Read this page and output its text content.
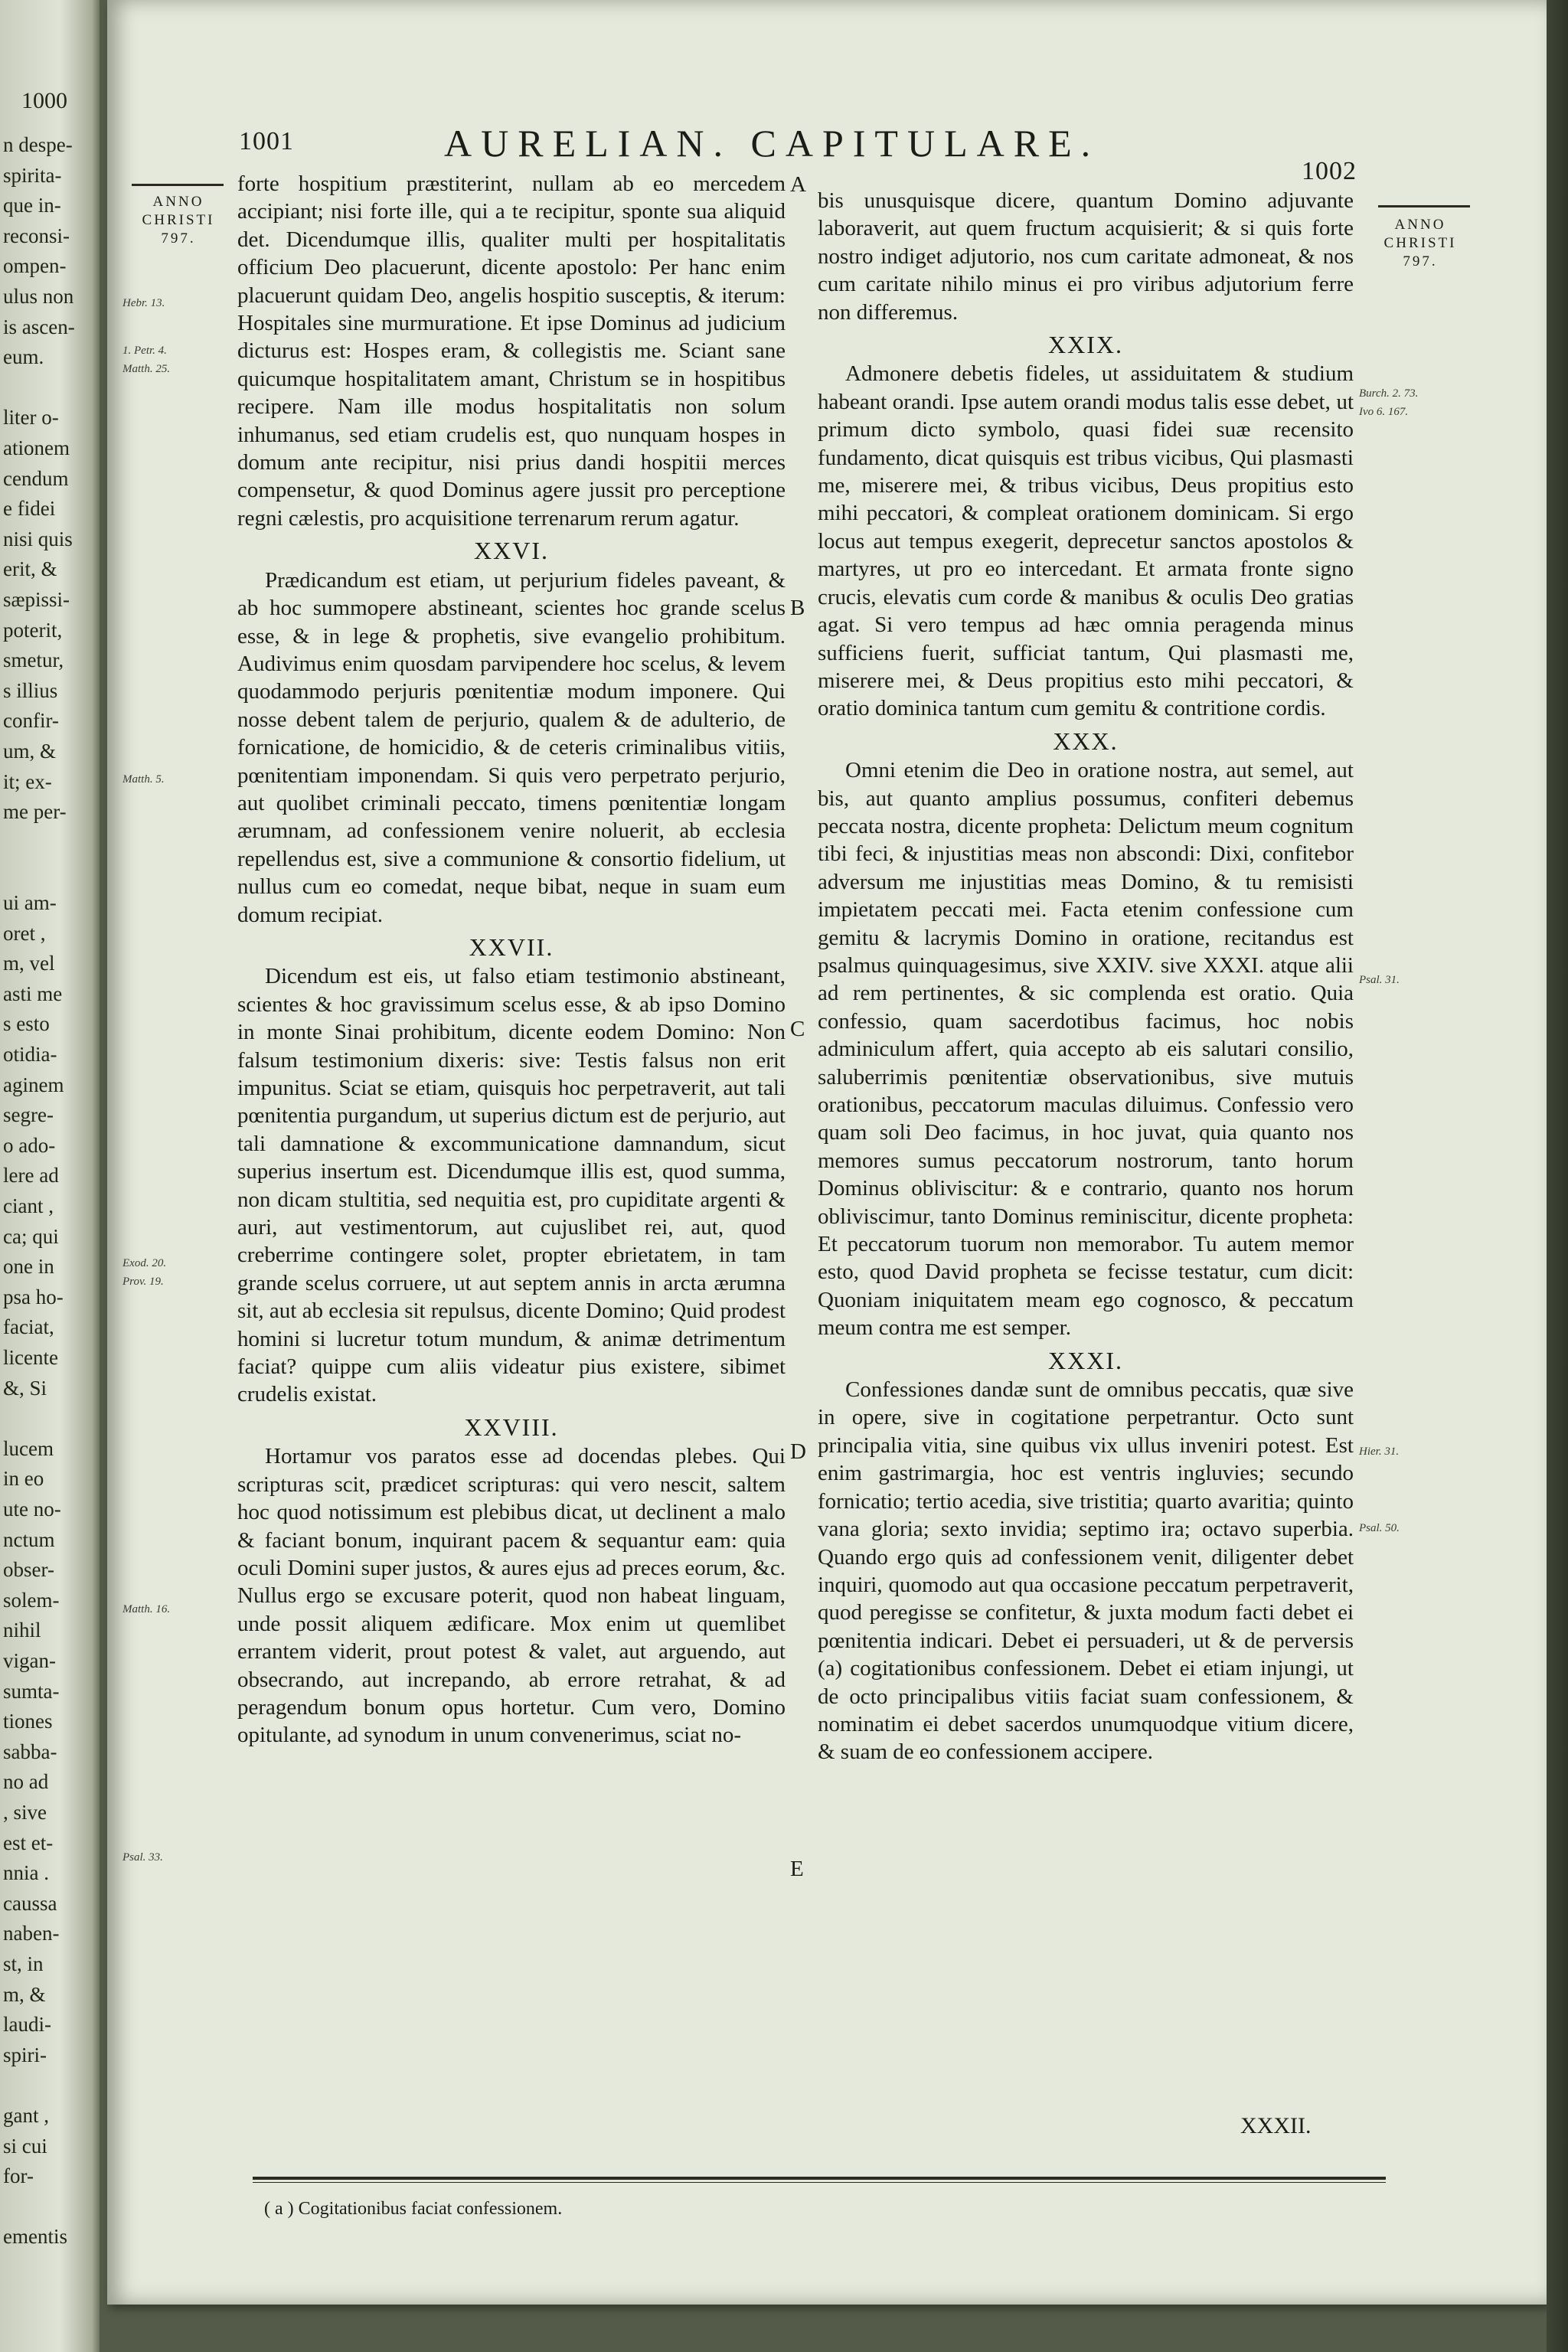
1000
n despe-
spirita-
que in-
reconsi-
ompen-
ulus non
is ascen-
eum.
liter o-
ationem
cendum
e fidei
nisi quis
erit, &
sæpissi-
poterit,
smetur,
s illius
confir-
um, &
it; ex-
me per-
ui am-
oret ,
m, vel
asti me
s esto
otidia-
aginem
segre-
o ado-
lere ad
ciant ,
ca; qui
one in
psa ho-
faciat,
licente
&, Si
lucem
in eo
ute no-
nctum
obser-
solem-
nihil
vigan-
sumta-
tiones
sabba-
no ad
, sive
est et-
nnia .
caussa
naben-
st, in
m, &
laudi-
spiri-
gant ,
si cui
for-
ementis
1001	AURELIAN. CAPITULARE.
1002
ANNO CHRISTI
797.
ANNO CHRISTI
797.
Hebr. 13.
1. Petr. 4.
Matth. 25.
Matth. 5.
Exod. 20.
Prov. 19.
Matth. 16.
Psal. 33.
Burch. 2. 73.
Ivo 6. 167.
Psal. 31.
Hier. 31.
Psal. 50.
A
B
C
D
E

forte hospitium præstiterint, nullam ab eo mercedem accipiant; nisi forte ille, qui a te recipitur, sponte sua aliquid det. Dicendumque illis, qualiter multi per hospitalitatis officium Deo placuerunt, dicente apostolo: Per hanc enim placuerunt quidam Deo, angelis hospitio susceptis, & iterum: Hospitales sine murmuratione. Et ipse Dominus ad judicium dicturus est: Hospes eram, & collegistis me. Sciant sane quicumque hospitalitatem amant, Christum se in hospitibus recipere. Nam ille modus hospitalitatis non solum inhumanus, sed etiam crudelis est, quo nunquam hospes in domum ante recipitur, nisi prius dandi hospitii merces compensetur, & quod Dominus agere jussit pro perceptione regni cælestis, pro acquisitione terrenarum rerum agatur.

XXVI.

Prædicandum est etiam, ut perjurium fideles paveant, & ab hoc summopere abstineant, scientes hoc grande scelus esse, & in lege & prophetis, sive evangelio prohibitum. Audivimus enim quosdam parvipendere hoc scelus, & levem quodammodo perjuris pœnitentiæ modum imponere. Qui nosse debent talem de perjurio, qualem & de adulterio, de fornicatione, de homicidio, & de ceteris criminalibus vitiis, pœnitentiam imponendam. Si quis vero perpetrato perjurio, aut quolibet criminali peccato, timens pœnitentiæ longam ærumnam, ad confessionem venire noluerit, ab ecclesia repellendus est, sive a communione & consortio fidelium, ut nullus cum eo comedat, neque bibat, neque in suam eum domum recipiat.

XXVII.

Dicendum est eis, ut falso etiam testimonio abstineant, scientes & hoc gravissimum scelus esse, & ab ipso Domino in monte Sinai prohibitum, dicente eodem Domino: Non falsum testimonium dixeris: sive: Testis falsus non erit impunitus. Sciat se etiam, quisquis hoc perpetraverit, aut tali pœnitentia purgandum, ut superius dictum est de perjurio, aut tali damnatione & excommunicatione damnandum, sicut superius insertum est. Dicendumque illis est, quod summa, non dicam stultitia, sed nequitia est, pro cupiditate argenti & auri, aut vestimentorum, aut cujuslibet rei, aut, quod creberrime contingere solet, propter ebrietatem, in tam grande scelus corruere, ut aut septem annis in arcta ærumna sit, aut ab ecclesia sit repulsus, dicente Domino; Quid prodest homini si lucretur totum mundum, & animæ detrimentum faciat? quippe cum aliis videatur pius existere, sibimet crudelis existat.

XXVIII.

Hortamur vos paratos esse ad docendas plebes. Qui scripturas scit, prædicet scripturas: qui vero nescit, saltem hoc quod notissimum est plebibus dicat, ut declinent a malo & faciant bonum, inquirant pacem & sequantur eam: quia oculi Domini super justos, & aures ejus ad preces eorum, &c. Nullus ergo se excusare poterit, quod non habeat linguam, unde possit aliquem ædificare. Mox enim ut quemlibet errantem viderit, prout potest & valet, aut arguendo, aut obsecrando, aut increpando, ab errore retrahat, & ad peragendum bonum opus hortetur. Cum vero, Domino opitulante, ad synodum in unum convenerimus, sciat no-

bis unusquisque dicere, quantum Domino adjuvante laboraverit, aut quem fructum acquisierit; & si quis forte nostro indiget adjutorio, nos cum caritate admoneat, & nos cum caritate nihilo minus ei pro viribus adjutorium ferre non differemus.

XXIX.

Admonere debetis fideles, ut assiduitatem & studium habeant orandi. Ipse autem orandi modus talis esse debet, ut primum dicto symbolo, quasi fidei suæ recensito fundamento, dicat quisquis est tribus vicibus, Qui plasmasti me, miserere mei, & tribus vicibus, Deus propitius esto mihi peccatori, & compleat orationem dominicam. Si ergo locus aut tempus exegerit, deprecetur sanctos apostolos & martyres, ut pro eo intercedant. Et armata fronte signo crucis, elevatis cum corde & manibus & oculis Deo gratias agat. Si vero tempus ad hæc omnia peragenda minus sufficiens fuerit, sufficiat tantum, Qui plasmasti me, miserere mei, & Deus propitius esto mihi peccatori, & oratio dominica tantum cum gemitu & contritione cordis.

XXX.

Omni etenim die Deo in oratione nostra, aut semel, aut bis, aut quanto amplius possumus, confiteri debemus peccata nostra, dicente propheta: Delictum meum cognitum tibi feci, & injustitias meas non abscondi: Dixi, confitebor adversum me injustitias meas Domino, & tu remisisti impietatem peccati mei. Facta etenim confessione cum gemitu & lacrymis Domino in oratione, recitandus est psalmus quinquagesimus, sive XXIV. sive XXXI. atque alii ad rem pertinentes, & sic complenda est oratio. Quia confessio, quam sacerdotibus facimus, hoc nobis adminiculum affert, quia accepto ab eis salutari consilio, saluberrimis pœnitentiæ observationibus, sive mutuis orationibus, peccatorum maculas diluimus. Confessio vero quam soli Deo facimus, in hoc juvat, quia quanto nos memores sumus peccatorum nostrorum, tanto horum Dominus obliviscitur: & e contrario, quanto nos horum obliviscimur, tanto Dominus reminiscitur, dicente propheta: Et peccatorum tuorum non memorabor. Tu autem memor esto, quod David propheta se fecisse testatur, cum dicit: Quoniam iniquitatem meam ego cognosco, & peccatum meum contra me est semper.

XXXI.

Confessiones dandæ sunt de omnibus peccatis, quæ sive in opere, sive in cogitatione perpetrantur. Octo sunt principalia vitia, sine quibus vix ullus inveniri potest. Est enim gastrimargia, hoc est ventris ingluvies; secundo fornicatio; tertio acedia, sive tristitia; quarto avaritia; quinto vana gloria; sexto invidia; septimo ira; octavo superbia. Quando ergo quis ad confessionem venit, diligenter debet inquiri, quomodo aut qua occasione peccatum perpetraverit, quod peregisse se confitetur, & juxta modum facti debet ei pœnitentia indicari. Debet ei persuaderi, ut & de perversis (a) cogitationibus confessionem. Debet ei etiam injungi, ut de octo principalibus vitiis faciat suam confessionem, & nominatim ei debet sacerdos unumquodque vitium dicere, & suam de eo confessionem accipere.

XXXII.
( a ) Cogitationibus faciat confessionem.
